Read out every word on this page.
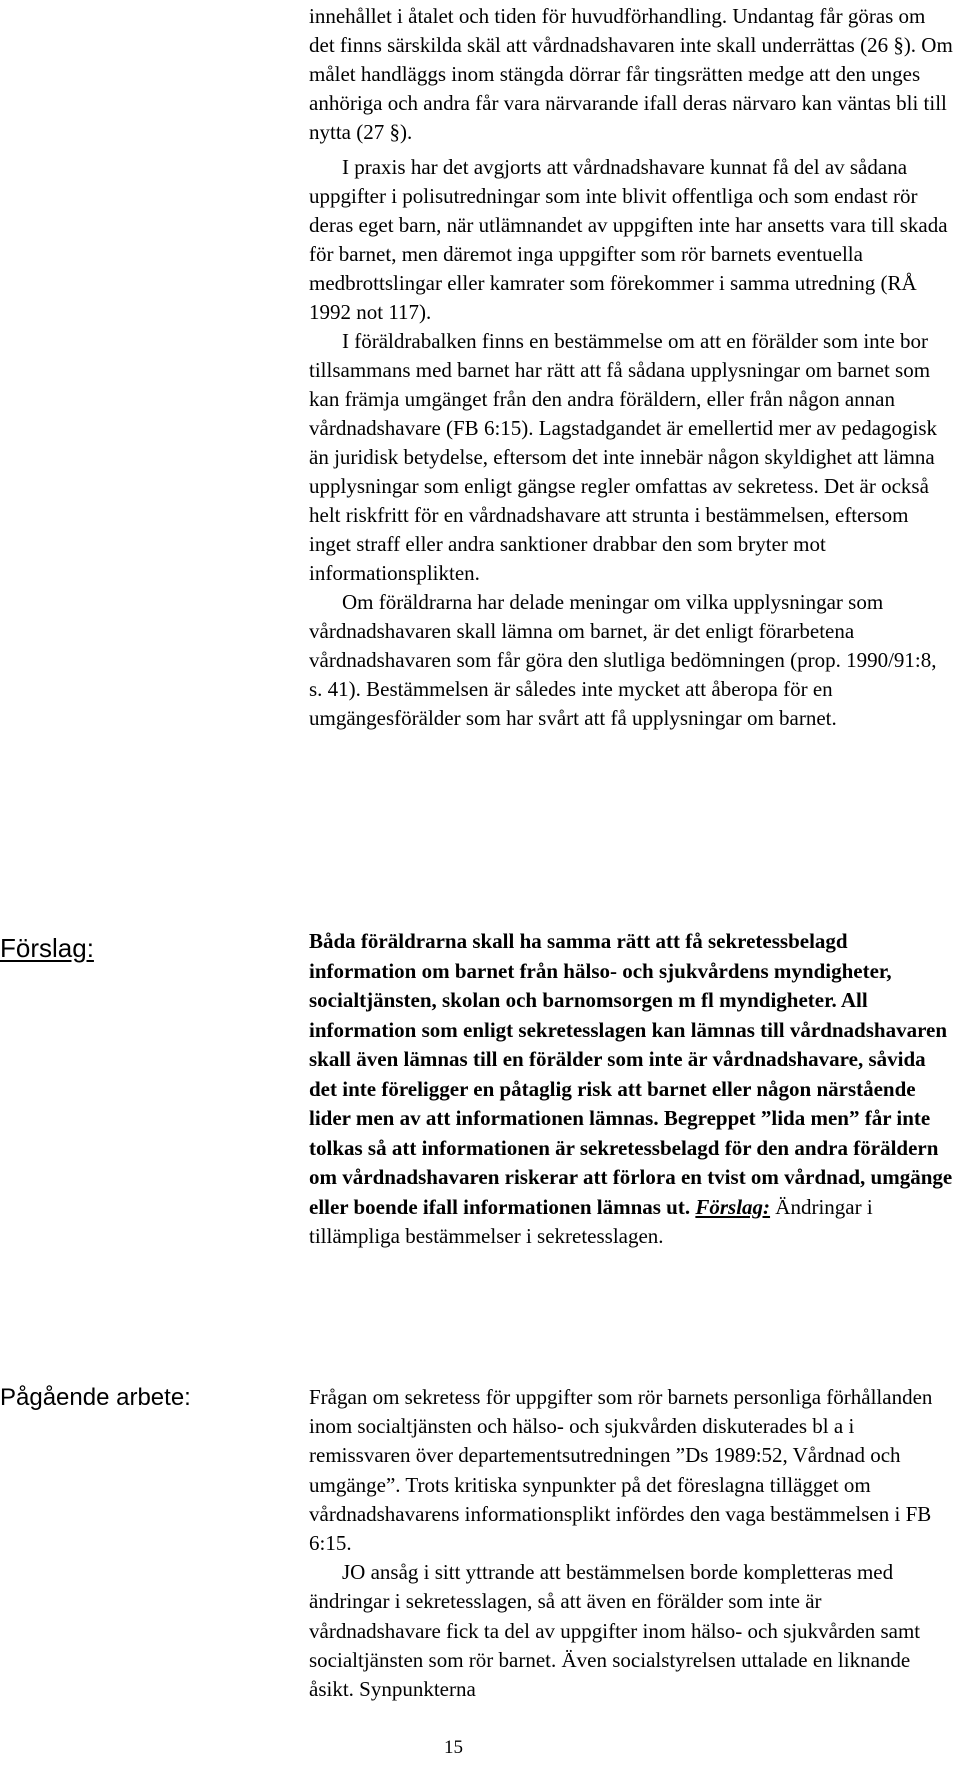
innehållet i åtalet och tiden för huvudförhandling. Undantag får göras om det finns särskilda skäl att vårdnadshavaren inte skall underrättas (26 §). Om målet handläggs inom stängda dörrar får tingsrätten medge att den unges anhöriga och andra får vara närvarande ifall deras närvaro kan väntas bli till nytta (27 §).

I praxis har det avgjorts att vårdnadshavare kunnat få del av sådana uppgifter i polisutredningar som inte blivit offentliga och som endast rör deras eget barn, när utlämnandet av uppgiften inte har ansetts vara till skada för barnet, men däremot inga uppgifter som rör barnets eventuella medbrottslingar eller kamrater som förekommer i samma utredning (RÅ 1992 not 117).

I föräldrabalken finns en bestämmelse om att en förälder som inte bor tillsammans med barnet har rätt att få sådana upplysningar om barnet som kan främja umgänget från den andra föräldern, eller från någon annan vårdnadshavare (FB 6:15). Lagstadgandet är emellertid mer av pedagogisk än juridisk betydelse, eftersom det inte innebär någon skyldighet att lämna upplysningar som enligt gängse regler omfattas av sekretess. Det är också helt riskfritt för en vårdnadshavare att strunta i bestämmelsen, eftersom inget straff eller andra sanktioner drabbar den som bryter mot informationsplikten.

Om föräldrarna har delade meningar om vilka upplysningar som vårdnadshavaren skall lämna om barnet, är det enligt förarbetena vårdnadshavaren som får göra den slutliga bedömningen (prop. 1990/91:8, s. 41). Bestämmelsen är således inte mycket att åberopa för en umgängesförälder som har svårt att få upplysningar om barnet.

Förslag:	Båda föräldrarna skall ha samma rätt att få sekretessbelagd information om barnet från hälso- och sjukvårdens myndigheter, socialtjänsten, skolan och barnomsorgen m fl myndigheter. All information som enligt sekretesslagen kan lämnas till vårdnadshavaren skall även lämnas till en förälder som inte är vårdnadshavare, såvida det inte föreligger en påtaglig risk att barnet eller någon närstående lider men av att informationen lämnas. Begreppet ”lida men” får inte tolkas så att informationen är sekretessbelagd för den andra föräldern om vårdnadshavaren riskerar att förlora en tvist om vårdnad, umgänge eller boende ifall informationen lämnas ut. Förslag: Ändringar i tillämpliga bestämmelser i sekretesslagen.

Pågående arbete:	Frågan om sekretess för uppgifter som rör barnets personliga förhållanden inom socialtjänsten och hälso- och sjukvården diskuterades bl a i remissvaren över departementsutredningen ”Ds 1989:52, Vårdnad och umgänge”. Trots kritiska synpunkter på det föreslagna tillägget om vårdnadshavarens informationsplikt infördes den vaga bestämmelsen i FB 6:15.

JO ansåg i sitt yttrande att bestämmelsen borde kompletteras med ändringar i sekretesslagen, så att även en förälder som inte är vårdnadshavare fick ta del av uppgifter inom hälso- och sjukvården samt socialtjänsten som rör barnet. Även socialstyrelsen uttalade en liknande åsikt. Synpunkterna

15
